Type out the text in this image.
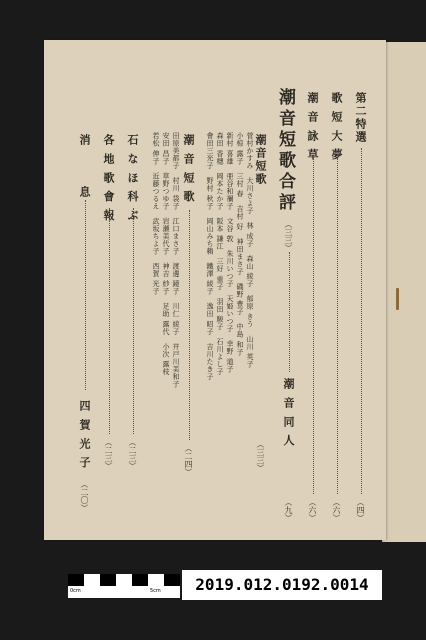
第二特選
（四）
歌 短 大 夢
（六）
潮 音 詠 草
（六）
潮音短歌合評
（三三）
潮 音 同 人
（九）
潮音短歌
（三三）
菅村かすみ　大川さよ子　林 成子　森山 綾子　郁原 きう　山川 英子
小椋 露子　三村 春　吉村 好　神田まさ子　磯野 豊子　中島 和子
新村 喜雄　亜谷和禰子　文谷 敦　朱川いつ子　天姫いつ子　幸野 道子
森田 香穗　岡本たか子　阪本 謙江　三好 重子　羽田 駿子　石川よし子
會田三光子　野村 秋子　岡山みち賴　鐵澤 綾子　逸田 昭子　吉川たき子
潮 音 短 歌
（二四）
田原美都子　村川 袋子　江口まさ子　渡邊 鏡子　川仁 綾子　井戸川美和子
安田 昌子　草野つゆ子　岩瀬美代子　神吉 紗子　足助 露代　小次 露枝
若松 伸子　近藤つるえ　武坂ちよ子　西賀 光子
石 な ほ 科 ぶ
（二三）
各 地 歌 會 報
（二三）
消　　　息
四 賀 光 子
（二〇）
0cm	5cm	2019.012.0192.0014
